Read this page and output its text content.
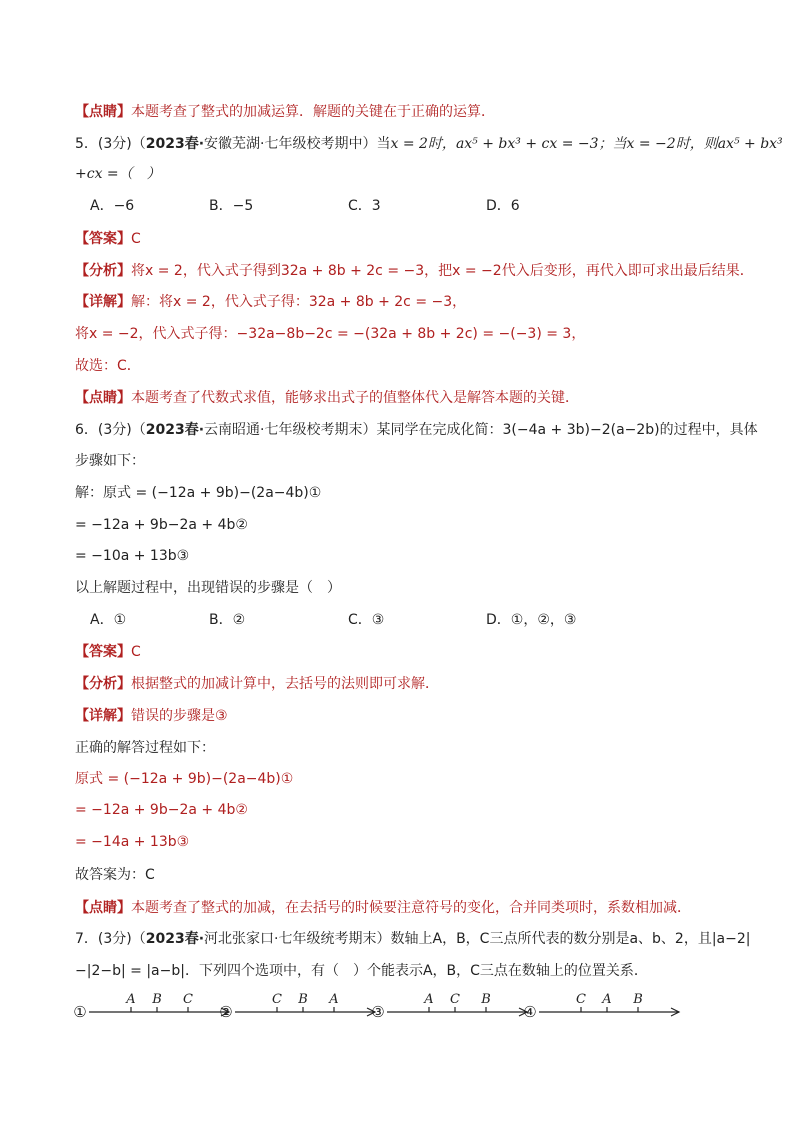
【点睛】本题考查了整式的加减运算．解题的关键在于正确的运算．
5．(3分)（2023春·安徽芜湖·七年级校考期中）当x = 2时，ax⁵ + bx³ + cx = −3；当x = −2时，则ax⁵ + bx³
+cx =（　）
A．−6	B．−5	C．3	D．6
【答案】C
【分析】将x = 2，代入式子得到32a + 8b + 2c = −3，把x = −2代入后变形，再代入即可求出最后结果．
【详解】解：将x = 2，代入式子得：32a + 8b + 2c = −3，
将x = −2，代入式子得：−32a−8b−2c = −(32a + 8b + 2c) = −(−3) = 3，
故选：C．
【点睛】本题考查了代数式求值，能够求出式子的值整体代入是解答本题的关键．
6．(3分)（2023春·云南昭通·七年级校考期末）某同学在完成化简：3(−4a + 3b)−2(a−2b)的过程中，具体
步骤如下：
解：原式 = (−12a + 9b)−(2a−4b)①
= −12a + 9b−2a + 4b②
= −10a + 13b③
以上解题过程中，出现错误的步骤是（　）
A．①	B．②	C．③	D．①，②，③
【答案】C
【分析】根据整式的加减计算中，去括号的法则即可求解．
【详解】错误的步骤是③
正确的解答过程如下：
原式 = (−12a + 9b)−(2a−4b)①
= −12a + 9b−2a + 4b②
= −14a + 13b③
故答案为：C
【点睛】本题考查了整式的加减，在去括号的时候要注意符号的变化，合并同类项时，系数相加减．
7．(3分)（2023春·河北张家口·七年级统考期末）数轴上A，B，C三点所代表的数分别是a、b、2，且|a−2|
−|2−b| = |a−b|．下列四个选项中，有（　）个能表示A，B，C三点在数轴上的位置关系．
①
A B C
②
C B A
③
A C B
④
C A B
